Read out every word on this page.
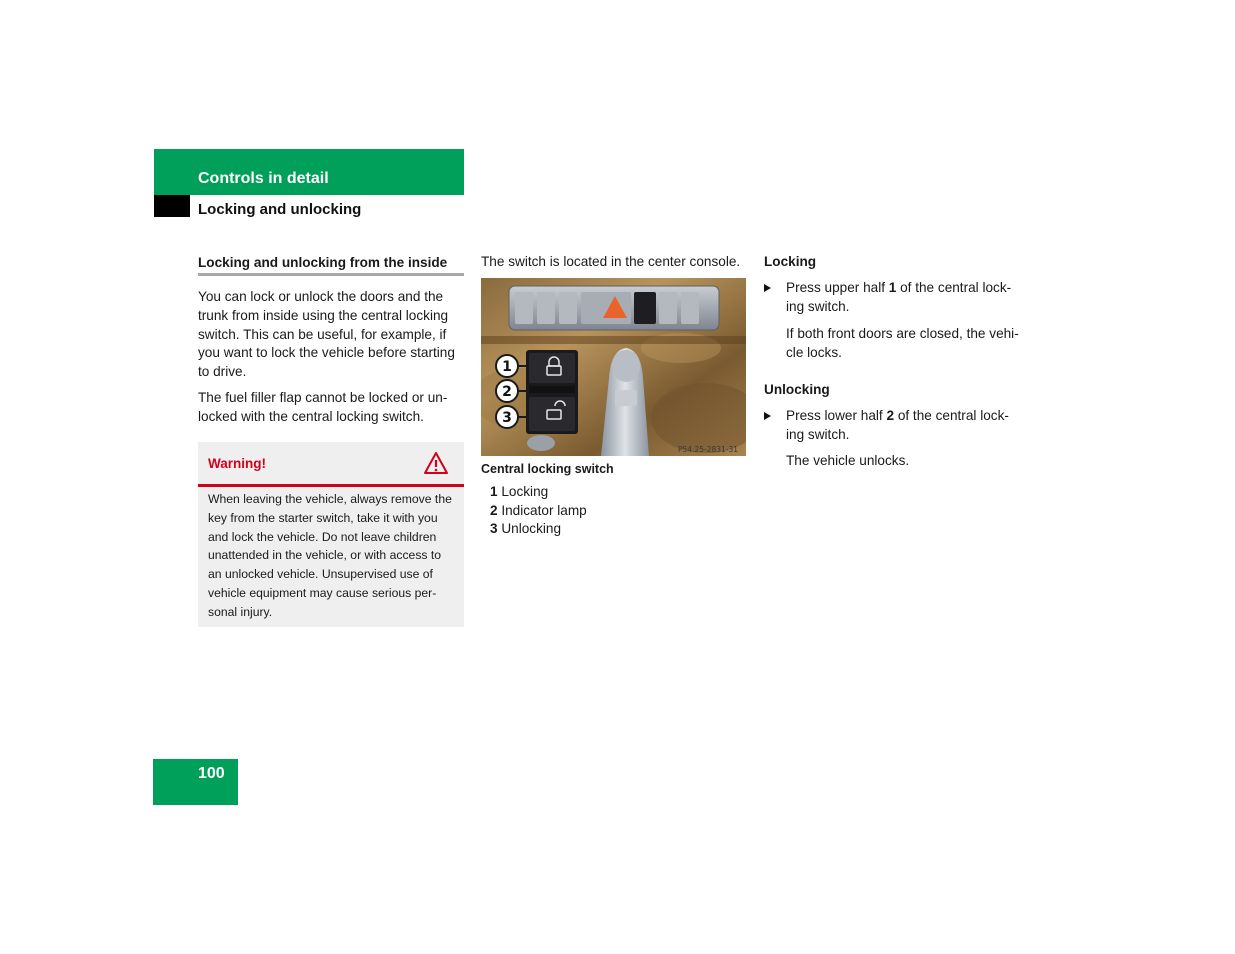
Controls in detail
Locking and unlocking
Locking and unlocking from the inside
You can lock or unlock the doors and the
trunk from inside using the central locking
switch. This can be useful, for example, if
you want to lock the vehicle before starting
to drive.
The fuel filler flap cannot be locked or un-
locked with the central locking switch.
Warning!
When leaving the vehicle, always remove the
key from the starter switch, take it with you
and lock the vehicle. Do not leave children
unattended in the vehicle, or with access to
an unlocked vehicle. Unsupervised use of
vehicle equipment may cause serious per-
sonal injury.
The switch is located in the center console.
1
2
3
P54.25-2831-31
Central locking switch
1 Locking
2 Indicator lamp
3 Unlocking
Locking
Press upper half 1 of the central lock-
ing switch.
If both front doors are closed, the vehi-
cle locks.
Unlocking
Press lower half 2 of the central lock-
ing switch.
The vehicle unlocks.
100
